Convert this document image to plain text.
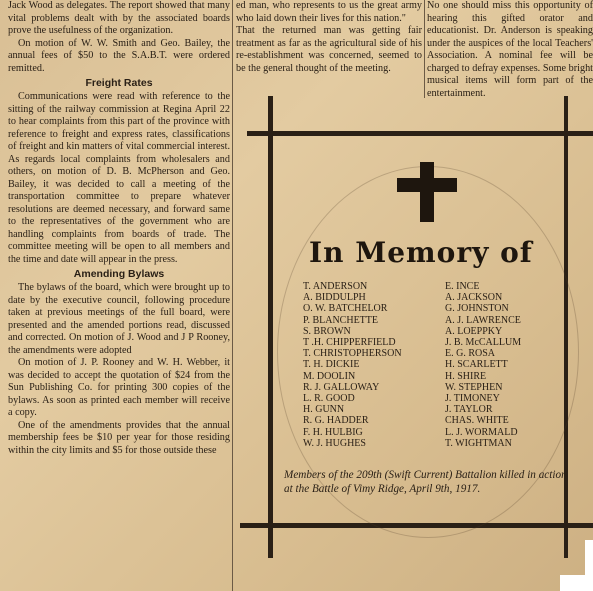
Jack Wood as delegates. The report showed that many vital problems dealt with by the associated boards prove the usefulness of the organization.

On motion of W. W. Smith and Geo. Bailey, the annual fees of $50 to the S.A.B.T. were ordered remitted.

Freight Rates

Communications were read with reference to the sitting of the railway commission at Regina April 22 to hear complaints from this part of the province with reference to freight and express rates, classifications of freight and kin matters of vital commercial interest. As regards local complaints from wholesalers and others, on motion of D. B. McPherson and Geo. Bailey, it was decided to call a meeting of the transportation committee to prepare whatever resolutions are deemed necessary, and forward same to the representatives of the government who are handling complaints from boards of trade. The committee meeting will be open to all members and the time and date will appear in the press.

Amending Bylaws

The bylaws of the board, which were brought up to date by the executive council, following procedure taken at previous meetings of the full board, were presented and the amended portions read, discussed and corrected. On motion of J. Wood and J P Rooney, the amendments were adopted

On motion of J. P. Rooney and W. H. Webber, it was decided to accept the quotation of $24 from the Sun Publishing Co. for printing 300 copies of the bylaws. As soon as printed each member will receive a copy.

One of the amendments provides that the annual membership fees be $10 per year for those residing within the city limits and $5 for those outside these

ed man, who represents to us the great army who laid down their lives for this nation."
That the returned man was getting fair treatment as far as the agricultural side of his re-establishment was concerned, seemed to be the general thought of the meeting.

No one should miss this opportunity of hearing this gifted orator and educationist. Dr. Anderson is speaking under the auspices of the local Teachers' Association. A nominal fee will be charged to defray expenses. Some bright musical items will form part of the entertainment.

In Memory of
T. ANDERSON
A. BIDDULPH
O. W. BATCHELOR
P. BLANCHETTE
S. BROWN
T .H. CHIPPERFIELD
T. CHRISTOPHERSON
T. H. DICKIE
M. DOOLIN
R. J. GALLOWAY
L. R. GOOD
H. GUNN
R. G. HADDER
F. H. HULBIG
W. J. HUGHES
E. INCE
A. JACKSON
G. JOHNSTON
A. J. LAWRENCE
A. LOEPPKY
J. B. McCALLUM
E. G. ROSA
H. SCARLETT
H. SHIRE
W. STEPHEN
J. TIMONEY
J. TAYLOR
CHAS. WHITE
L. J. WORMALD
T. WIGHTMAN
Members of the 209th (Swift Current) Battalion killed in action at the Battle of Vimy Ridge, April 9th, 1917.
